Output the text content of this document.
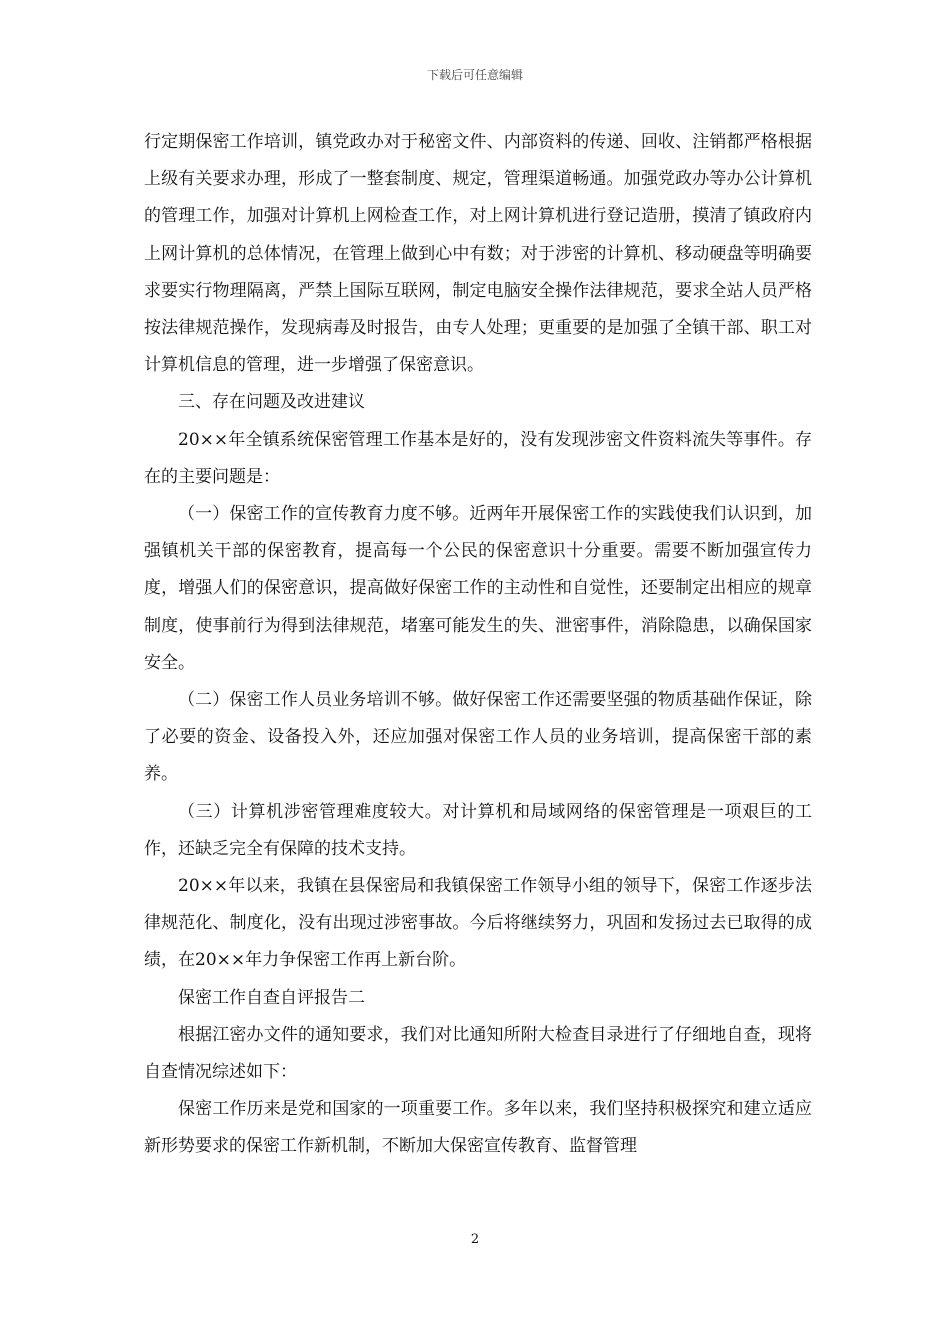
下载后可任意编辑

行定期保密工作培训，镇党政办对于秘密文件、内部资料的传递、回收、注销都严格根据上级有关要求办理，形成了一整套制度、规定，管理渠道畅通。加强党政办等办公计算机的管理工作，加强对计算机上网检查工作，对上网计算机进行登记造册，摸清了镇政府内上网计算机的总体情况，在管理上做到心中有数；对于涉密的计算机、移动硬盘等明确要求要实行物理隔离，严禁上国际互联网，制定电脑安全操作法律规范，要求全站人员严格按法律规范操作，发现病毒及时报告，由专人处理；更重要的是加强了全镇干部、职工对计算机信息的管理，进一步增强了保密意识。

三、存在问题及改进建议

20××年全镇系统保密管理工作基本是好的，没有发现涉密文件资料流失等事件。存在的主要问题是：

（一）保密工作的宣传教育力度不够。近两年开展保密工作的实践使我们认识到，加强镇机关干部的保密教育，提高每一个公民的保密意识十分重要。需要不断加强宣传力度，增强人们的保密意识，提高做好保密工作的主动性和自觉性，还要制定出相应的规章制度，使事前行为得到法律规范，堵塞可能发生的失、泄密事件，消除隐患，以确保国家安全。

（二）保密工作人员业务培训不够。做好保密工作还需要坚强的物质基础作保证，除了必要的资金、设备投入外，还应加强对保密工作人员的业务培训，提高保密干部的素养。

（三）计算机涉密管理难度较大。对计算机和局域网络的保密管理是一项艰巨的工作，还缺乏完全有保障的技术支持。

20××年以来，我镇在县保密局和我镇保密工作领导小组的领导下，保密工作逐步法律规范化、制度化，没有出现过涉密事故。今后将继续努力，巩固和发扬过去已取得的成绩，在20××年力争保密工作再上新台阶。

保密工作自查自评报告二

根据江密办文件的通知要求，我们对比通知所附大检查目录进行了仔细地自查，现将自查情况综述如下：

保密工作历来是党和国家的一项重要工作。多年以来，我们坚持积极探究和建立适应新形势要求的保密工作新机制，不断加大保密宣传教育、监督管理

2
